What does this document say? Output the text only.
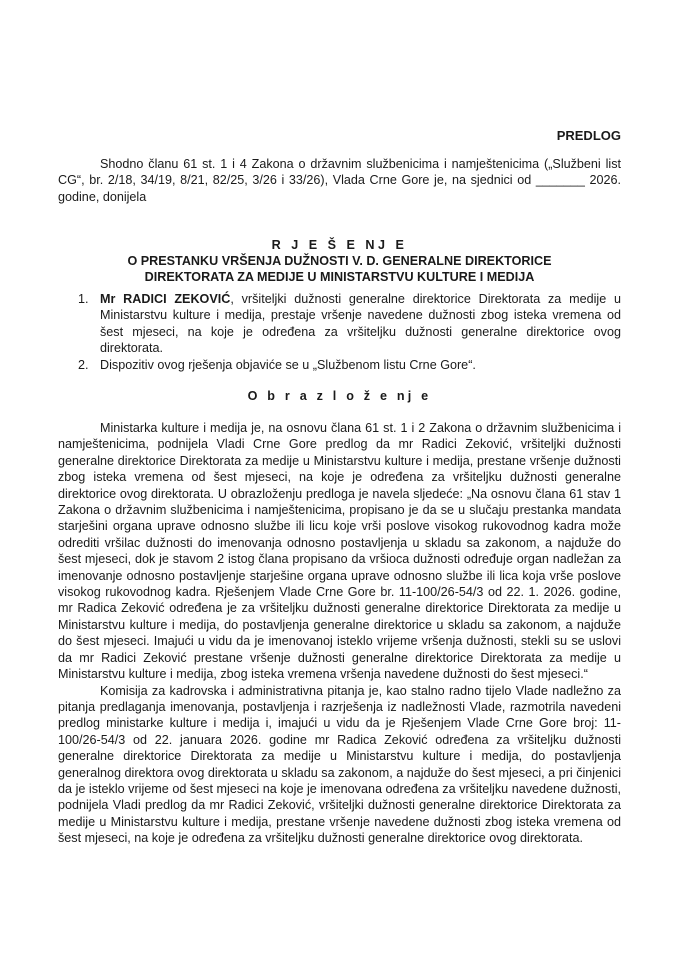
PREDLOG
Shodno članu 61 st. 1 i 4 Zakona o državnim službenicima i namještenicima („Službeni list CG“, br. 2/18, 34/19, 8/21, 82/25, 3/26 i 33/26), Vlada Crne Gore je, na sjednici od _______ 2026. godine, donijela
R J E Š E NJ E
O PRESTANKU VRŠENJA DUŽNOSTI V. D. GENERALNE DIREKTORICE
DIREKTORATA ZA MEDIJE U MINISTARSTVU KULTURE I MEDIJA
1. Mr RADICI ZEKOVIĆ, vršiteljki dužnosti generalne direktorice Direktorata za medije u Ministarstvu kulture i medija, prestaje vršenje navedene dužnosti zbog isteka vremena od šest mjeseci, na koje je određena za vršiteljku dužnosti generalne direktorice ovog direktorata.
2. Dispozitiv ovog rješenja objaviće se u „Službenom listu Crne Gore“.
O b r a z l o ž e nj e

Ministarka kulture i medija je, na osnovu člana 61 st. 1 i 2 Zakona o državnim službenicima i namještenicima, podnijela Vladi Crne Gore predlog da mr Radici Zeković, vršiteljki dužnosti generalne direktorice Direktorata za medije u Ministarstvu kulture i medija, prestane vršenje dužnosti zbog isteka vremena od šest mjeseci, na koje je određena za vršiteljku dužnosti generalne direktorice ovog direktorata. U obrazloženju predloga je navela sljedeće: „Na osnovu člana 61 stav 1 Zakona o državnim službenicima i namještenicima, propisano je da se u slučaju prestanka mandata starješini organa uprave odnosno službe ili licu koje vrši poslove visokog rukovodnog kadra može odrediti vršilac dužnosti do imenovanja odnosno postavljenja u skladu sa zakonom, a najduže do šest mjeseci, dok je stavom 2 istog člana propisano da vršioca dužnosti određuje organ nadležan za imenovanje odnosno postavljenje starješine organa uprave odnosno službe ili lica koja vrše poslove visokog rukovodnog kadra. Rješenjem Vlade Crne Gore br. 11-100/26-54/3 od 22. 1. 2026. godine, mr Radica Zeković određena je za vršiteljku dužnosti generalne direktorice Direktorata za medije u Ministarstvu kulture i medija, do postavljenja generalne direktorice u skladu sa zakonom, a najduže do šest mjeseci. Imajući u vidu da je imenovanoj isteklo vrijeme vršenja dužnosti, stekli su se uslovi da mr Radici Zeković prestane vršenje dužnosti generalne direktorice Direktorata za medije u Ministarstvu kulture i medija, zbog isteka vremena vršenja navedene dužnosti do šest mjeseci.“

Komisija za kadrovska i administrativna pitanja je, kao stalno radno tijelo Vlade nadležno za pitanja predlaganja imenovanja, postavljenja i razrješenja iz nadležnosti Vlade, razmotrila navedeni predlog ministarke kulture i medija i, imajući u vidu da je Rješenjem Vlade Crne Gore broj: 11-100/26-54/3 od 22. januara 2026. godine mr Radica Zeković određena za vršiteljku dužnosti generalne direktorice Direktorata za medije u Ministarstvu kulture i medija, do postavljenja generalnog direktora ovog direktorata u skladu sa zakonom, a najduže do šest mjeseci, a pri činjenici da je isteklo vrijeme od šest mjeseci na koje je imenovana određena za vršiteljku navedene dužnosti, podnijela Vladi predlog da mr Radici Zeković, vršiteljki dužnosti generalne direktorice Direktorata za medije u Ministarstvu kulture i medija, prestane vršenje navedene dužnosti zbog isteka vremena od šest mjeseci, na koje je određena za vršiteljku dužnosti generalne direktorice ovog direktorata.
